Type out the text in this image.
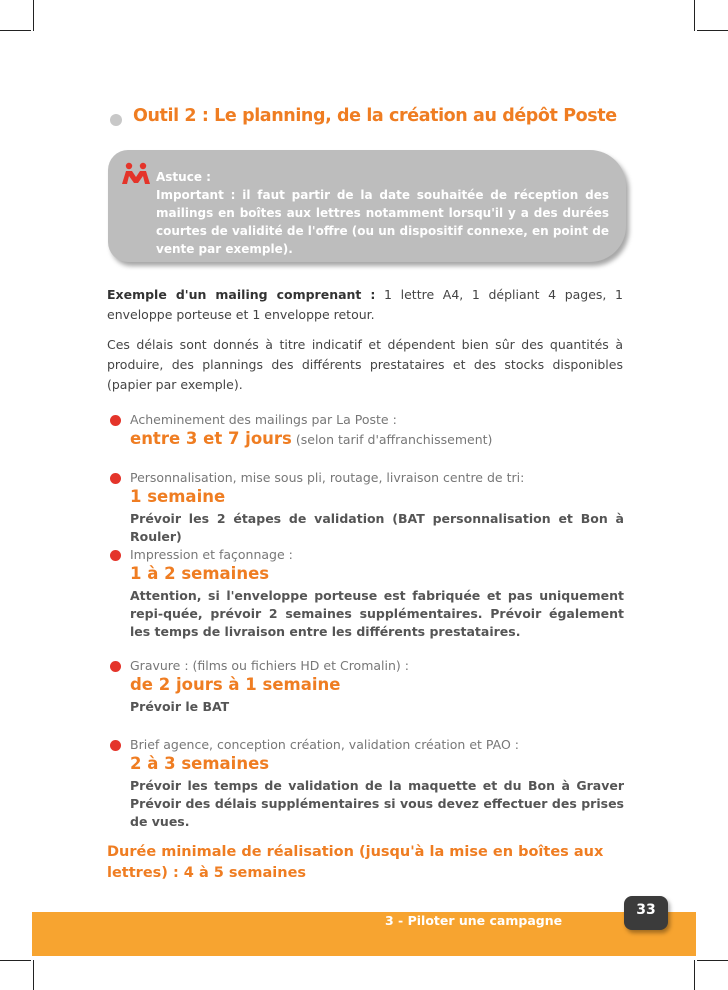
Outil 2 : Le planning, de la création au dépôt Poste
Astuce :
Important : il faut partir de la date souhaitée de réception des mailings en boîtes aux lettres notamment lorsqu'il y a des durées courtes de validité de l'offre (ou un dispositif connexe, en point de vente par exemple).
Exemple d'un mailing comprenant : 1 lettre A4, 1 dépliant 4 pages, 1 enveloppe porteuse et 1 enveloppe retour.
Ces délais sont donnés à titre indicatif et dépendent bien sûr des quantités à produire, des plannings des différents prestataires et des stocks disponibles (papier par exemple).
Acheminement des mailings par La Poste :
entre 3 et 7 jours (selon tarif d'affranchissement)
Personnalisation, mise sous pli, routage, livraison centre de tri:
1 semaine
Prévoir les 2 étapes de validation (BAT personnalisation et Bon à Rouler)
Impression et façonnage :
1 à 2 semaines
Attention, si l'enveloppe porteuse est fabriquée et pas uniquement repi-quée, prévoir 2 semaines supplémentaires. Prévoir également les temps de livraison entre les différents prestataires.
Gravure : (films ou fichiers HD et Cromalin) :
de 2 jours à 1 semaine
Prévoir le BAT
Brief agence, conception création, validation création et PAO :
2 à 3 semaines
Prévoir les temps de validation de la maquette et du Bon à Graver Prévoir des délais supplémentaires si vous devez effectuer des prises de vues.
Durée minimale de réalisation (jusqu'à la mise en boîtes aux lettres) : 4 à 5 semaines
3 - Piloter une campagne
33
